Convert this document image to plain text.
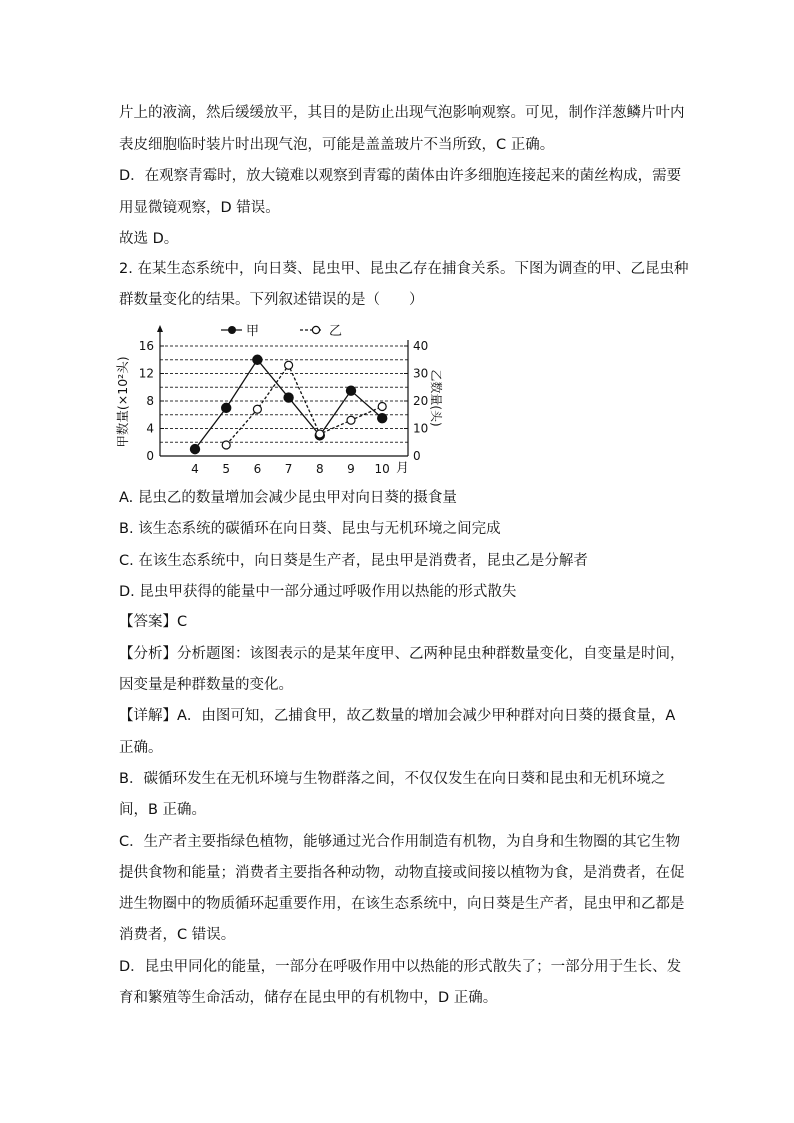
片上的液滴，然后缓缓放平，其目的是防止出现气泡影响观察。可见，制作洋葱鳞片叶内
表皮细胞临时装片时出现气泡，可能是盖盖玻片不当所致，C 正确。
D．在观察青霉时，放大镜难以观察到青霉的菌体由许多细胞连接起来的菌丝构成，需要
用显微镜观察，D 错误。
故选 D。
2. 在某生态系统中，向日葵、昆虫甲、昆虫乙存在捕食关系。下图为调查的甲、乙昆虫种
群数量变化的结果。下列叙述错误的是（　　）
0
4
8
12
16
0
10
20
30
40
4 5 6 7 8 9 10
甲	乙
甲数量(×10²头)	乙数量(头)
月
A. 昆虫乙的数量增加会减少昆虫甲对向日葵的摄食量
B. 该生态系统的碳循环在向日葵、昆虫与无机环境之间完成
C. 在该生态系统中，向日葵是生产者，昆虫甲是消费者，昆虫乙是分解者
D. 昆虫甲获得的能量中一部分通过呼吸作用以热能的形式散失
【答案】C
【分析】分析题图：该图表示的是某年度甲、乙两种昆虫种群数量变化，自变量是时间，
因变量是种群数量的变化。
【详解】A．由图可知，乙捕食甲，故乙数量的增加会减少甲种群对向日葵的摄食量，A
正确。
B．碳循环发生在无机环境与生物群落之间，不仅仅发生在向日葵和昆虫和无机环境之
间，B 正确。
C．生产者主要指绿色植物，能够通过光合作用制造有机物，为自身和生物圈的其它生物
提供食物和能量；消费者主要指各种动物，动物直接或间接以植物为食，是消费者，在促
进生物圈中的物质循环起重要作用，在该生态系统中，向日葵是生产者，昆虫甲和乙都是
消费者，C 错误。
D．昆虫甲同化的能量，一部分在呼吸作用中以热能的形式散失了；一部分用于生长、发
育和繁殖等生命活动，储存在昆虫甲的有机物中，D 正确。
